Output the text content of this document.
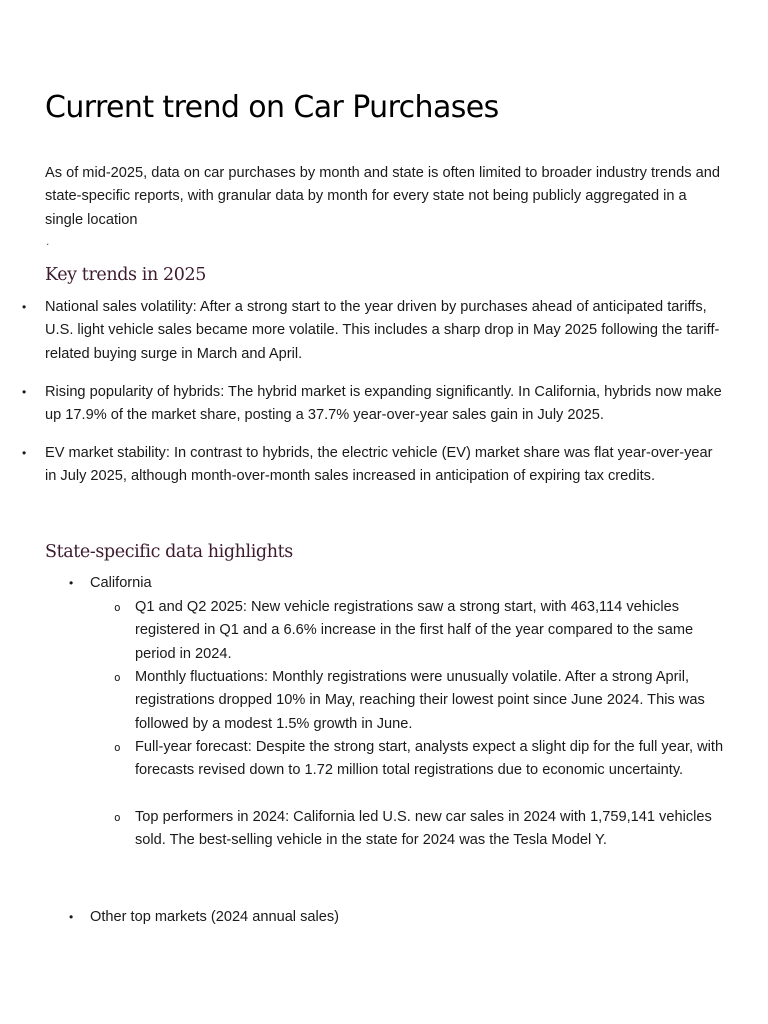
Current trend on Car Purchases

As of mid-2025, data on car purchases by month and state is often limited to broader industry trends and state-specific reports, with granular data by month for every state not being publicly aggregated in a single location

.
Key trends in 2025
• National sales volatility: After a strong start to the year driven by purchases ahead of anticipated tariffs, U.S. light vehicle sales became more volatile. This includes a sharp drop in May 2025 following the tariff-related buying surge in March and April.
• Rising popularity of hybrids: The hybrid market is expanding significantly. In California, hybrids now make up 17.9% of the market share, posting a 37.7% year-over-year sales gain in July 2025.
• EV market stability: In contrast to hybrids, the electric vehicle (EV) market share was flat year-over-year in July 2025, although month-over-month sales increased in anticipation of expiring tax credits.
State-specific data highlights
• California
o Q1 and Q2 2025: New vehicle registrations saw a strong start, with 463,114 vehicles registered in Q1 and a 6.6% increase in the first half of the year compared to the same period in 2024.
o Monthly fluctuations: Monthly registrations were unusually volatile. After a strong April, registrations dropped 10% in May, reaching their lowest point since June 2024. This was followed by a modest 1.5% growth in June.
o Full-year forecast: Despite the strong start, analysts expect a slight dip for the full year, with forecasts revised down to 1.72 million total registrations due to economic uncertainty.
o Top performers in 2024: California led U.S. new car sales in 2024 with 1,759,141 vehicles sold. The best-selling vehicle in the state for 2024 was the Tesla Model Y.
• Other top markets (2024 annual sales)
